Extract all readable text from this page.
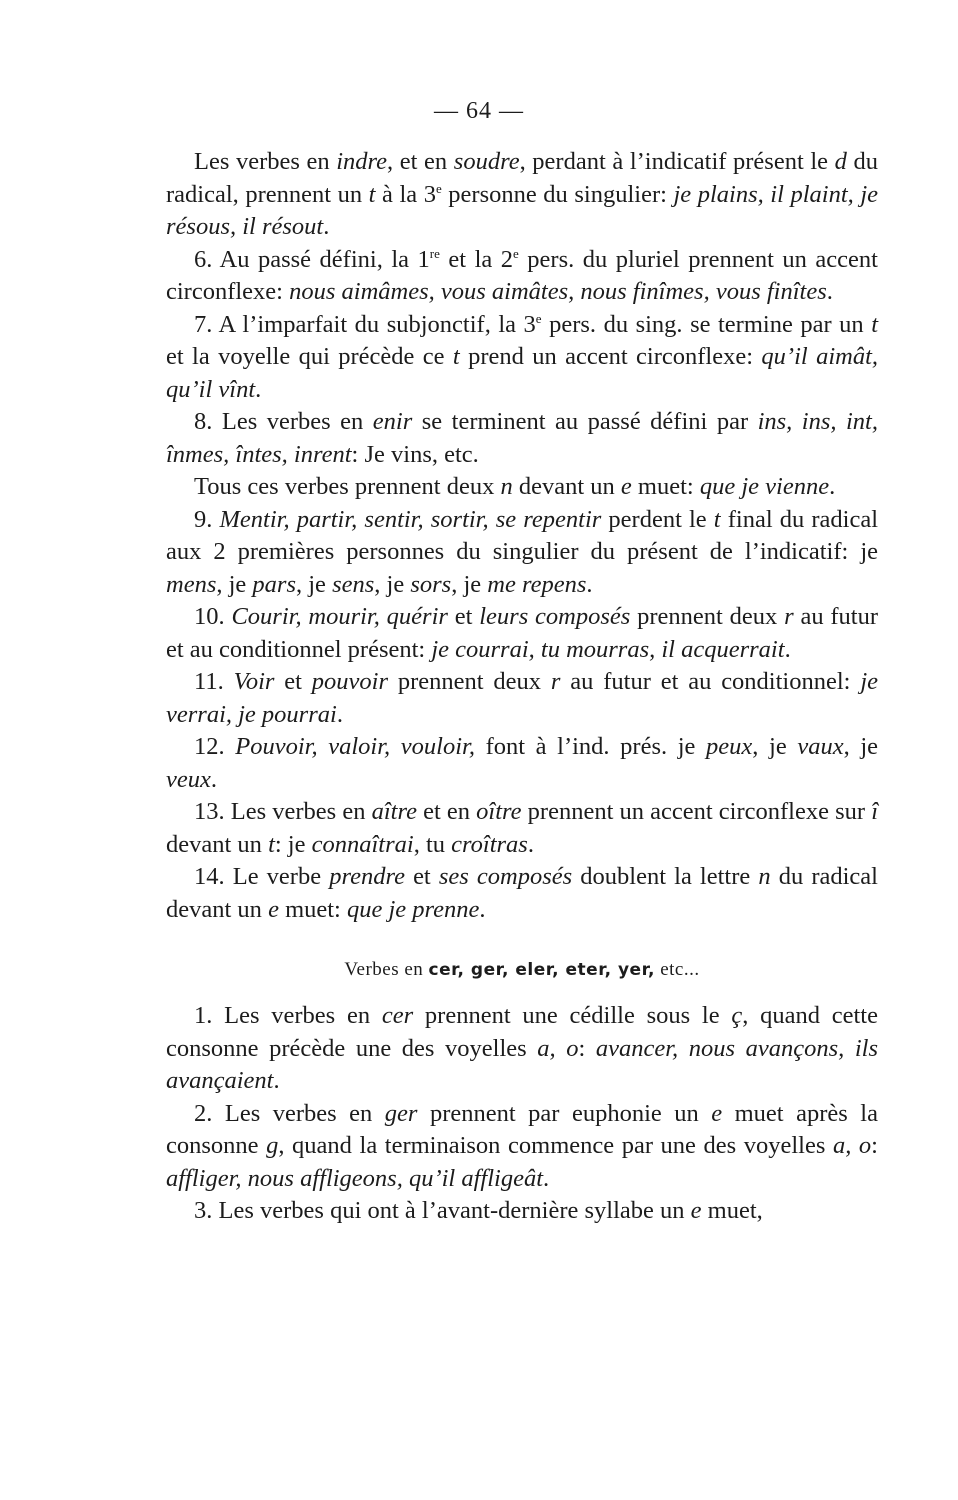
— 64 —

Les verbes en indre, et en soudre, perdant à l’indicatif présent le d du radical, prennent un t à la 3e personne du singulier: je plains, il plaint, je résous, il résout.

6. Au passé défini, la 1re et la 2e pers. du pluriel prennent un accent circonflexe: nous aimâmes, vous aimâtes, nous finîmes, vous finîtes.

7. A l’imparfait du subjonctif, la 3e pers. du sing. se termine par un t et la voyelle qui précède ce t prend un accent circonflexe: qu’il aimât, qu’il vînt.

8. Les verbes en enir se terminent au passé défini par ins, ins, int, înmes, întes, inrent: Je vins, etc.

Tous ces verbes prennent deux n devant un e muet: que je vienne.

9. Mentir, partir, sentir, sortir, se repentir perdent le t final du radical aux 2 premières personnes du singulier du présent de l’indicatif: je mens, je pars, je sens, je sors, je me repens.

10. Courir, mourir, quérir et leurs composés prennent deux r au futur et au conditionnel présent: je courrai, tu mourras, il acquerrait.

11. Voir et pouvoir prennent deux r au futur et au conditionnel: je verrai, je pourrai.

12. Pouvoir, valoir, vouloir, font à l’ind. prés. je peux, je vaux, je veux.

13. Les verbes en aître et en oître prennent un accent circonflexe sur î devant un t: je connaîtrai, tu croîtras.

14. Le verbe prendre et ses composés doublent la lettre n du radical devant un e muet: que je prenne.

Verbes en cer, ger, eler, eter, yer, etc...

1. Les verbes en cer prennent une cédille sous le ç, quand cette consonne précède une des voyelles a, o: avancer, nous avançons, ils avançaient.

2. Les verbes en ger prennent par euphonie un e muet après la consonne g, quand la terminaison commence par une des voyelles a, o: affliger, nous affligeons, qu’il affligeât.

3. Les verbes qui ont à l’avant-dernière syllabe un e muet,
